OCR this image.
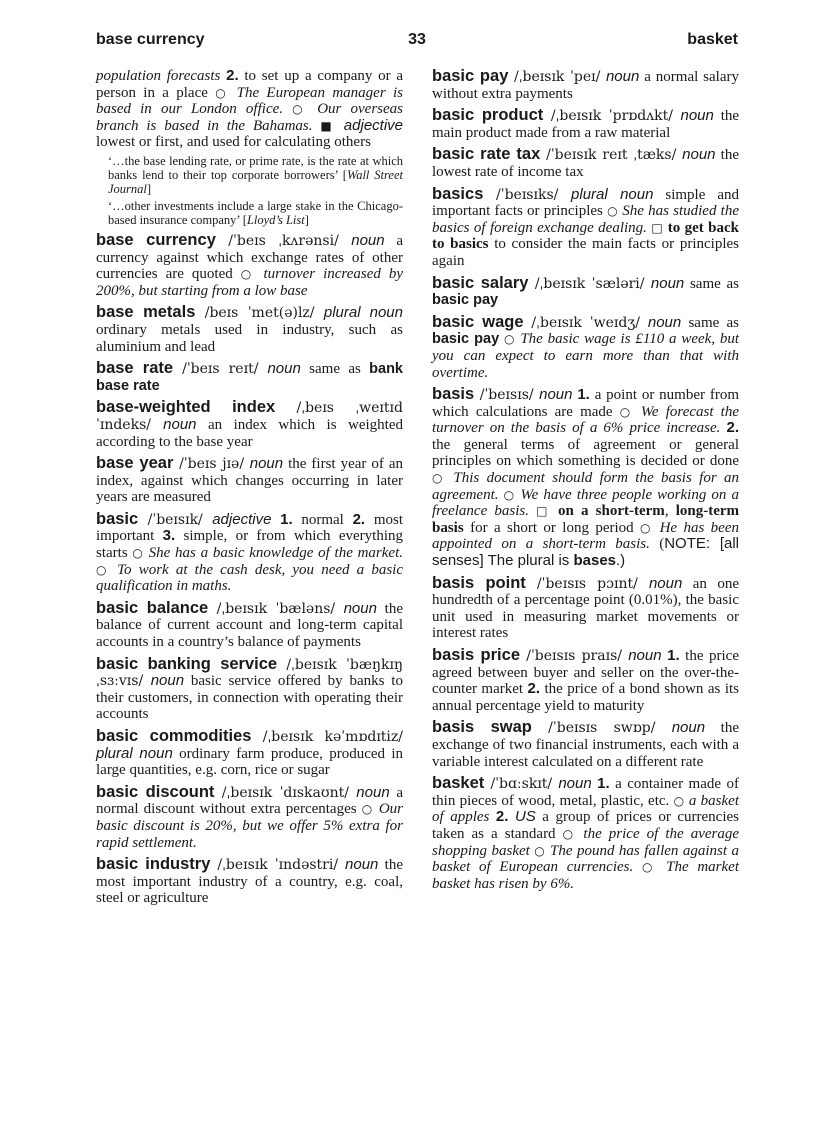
base currency	33	basket
population forecasts 2. to set up a company or a person in a place ○ The European manager is based in our London office. ○ Our overseas branch is based in the Bahamas. ■ adjective lowest or first, and used for calculating others
‘…the base lending rate, or prime rate, is the rate at which banks lend to their top corporate borrowers’ [Wall Street Journal]
‘…other investments include a large stake in the Chicago-based insurance company’ [Lloyd’s List]
base currency /ˈbeɪs ˌkʌrənsi/ noun a currency against which exchange rates of other currencies are quoted ○ turnover increased by 200%, but starting from a low base
base metals /beɪs ˈmet(ə)lz/ plural noun ordinary metals used in industry, such as aluminium and lead
base rate /ˈbeɪs reɪt/ noun same as bank base rate
base-weighted index /ˌbeɪs ˌweɪtɪd ˈɪndeks/ noun an index which is weighted according to the base year
base year /ˈbeɪs jɪə/ noun the first year of an index, against which changes occurring in later years are measured
basic /ˈbeɪsɪk/ adjective 1. normal 2. most important 3. simple, or from which everything starts ○ She has a basic knowledge of the market. ○ To work at the cash desk, you need a basic qualification in maths.
basic balance /ˌbeɪsɪk ˈbæləns/ noun the balance of current account and long-term capital accounts in a country’s balance of payments
basic banking service /ˌbeɪsɪk ˈbæŋkɪŋ ˌsɜːvɪs/ noun basic service offered by banks to their customers, in connection with operating their accounts
basic commodities /ˌbeɪsɪk kəˈmɒdɪtiz/ plural noun ordinary farm produce, produced in large quantities, e.g. corn, rice or sugar
basic discount /ˌbeɪsɪk ˈdɪskaʊnt/ noun a normal discount without extra percentages ○ Our basic discount is 20%, but we offer 5% extra for rapid settlement.
basic industry /ˌbeɪsɪk ˈɪndəstri/ noun the most important industry of a country, e.g. coal, steel or agriculture
basic pay /ˌbeɪsɪk ˈpeɪ/ noun a normal salary without extra payments
basic product /ˌbeɪsɪk ˈprɒdʌkt/ noun the main product made from a raw material
basic rate tax /ˈbeɪsɪk reɪt ˌtæks/ noun the lowest rate of income tax
basics /ˈbeɪsɪks/ plural noun simple and important facts or principles ○ She has studied the basics of foreign exchange dealing. □ to get back to basics to consider the main facts or principles again
basic salary /ˌbeɪsɪk ˈsæləri/ noun same as basic pay
basic wage /ˌbeɪsɪk ˈweɪdʒ/ noun same as basic pay ○ The basic wage is £110 a week, but you can expect to earn more than that with overtime.
basis /ˈbeɪsɪs/ noun 1. a point or number from which calculations are made ○ We forecast the turnover on the basis of a 6% price increase. 2. the general terms of agreement or general principles on which something is decided or done ○ This document should form the basis for an agreement. ○ We have three people working on a freelance basis. □ on a short-term, long-term basis for a short or long period ○ He has been appointed on a short-term basis. (NOTE: [all senses] The plural is bases.)
basis point /ˈbeɪsɪs pɔɪnt/ noun an one hundredth of a percentage point (0.01%), the basic unit used in measuring market movements or interest rates
basis price /ˈbeɪsɪs praɪs/ noun 1. the price agreed between buyer and seller on the over-the- counter market 2. the price of a bond shown as its annual percentage yield to maturity
basis swap /ˈbeɪsɪs swɒp/ noun the exchange of two financial instruments, each with a variable interest calculated on a different rate
basket /ˈbɑːskɪt/ noun 1. a container made of thin pieces of wood, metal, plastic, etc. ○ a basket of apples 2. US a group of prices or currencies taken as a standard ○ the price of the average shopping basket ○ The pound has fallen against a basket of European currencies. ○ The market basket has risen by 6%.
